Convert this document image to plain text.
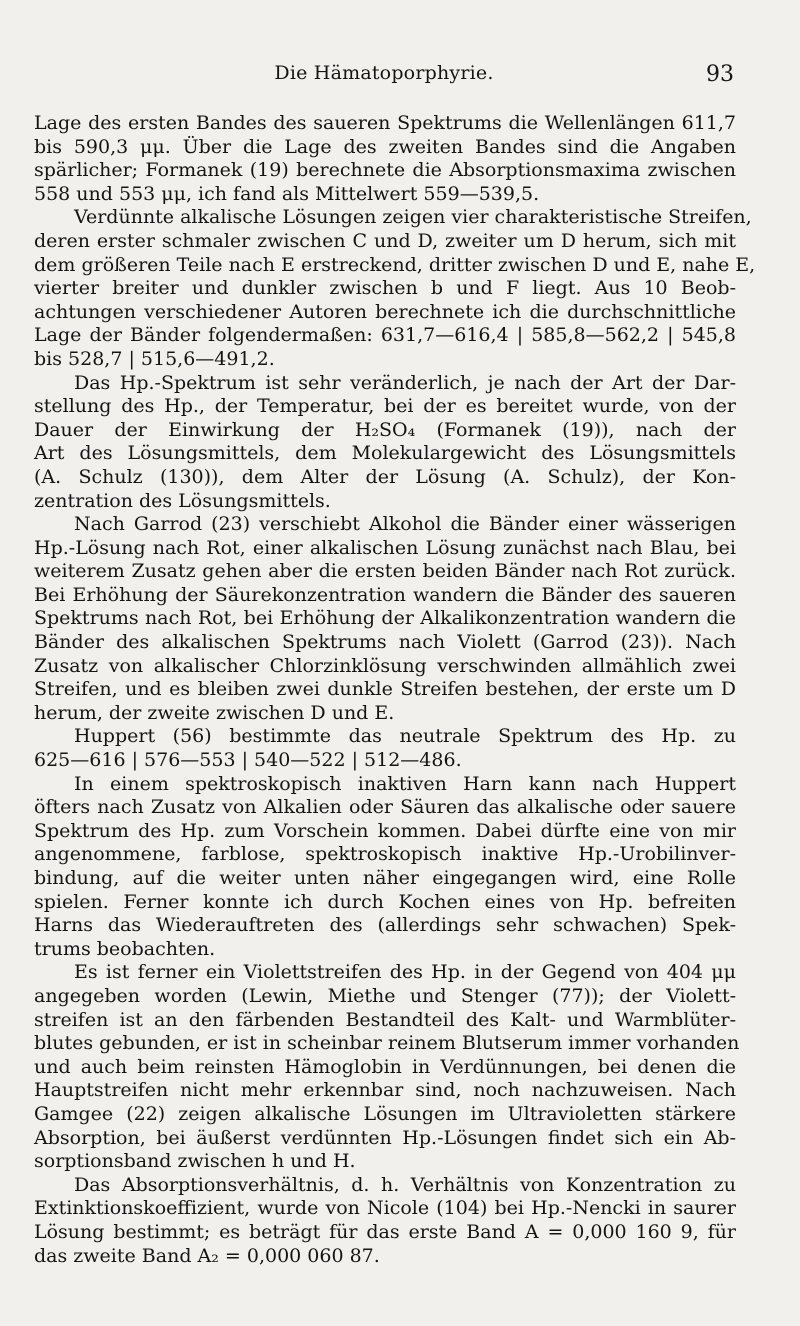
Die Hämatoporphyrie.	93

Lage des ersten Bandes des saueren Spektrums die Wellenlängen 611,7
bis 590,3 μμ. Über die Lage des zweiten Bandes sind die Angaben
spärlicher; Formanek (19) berechnete die Absorptionsmaxima zwischen
558 und 553 μμ, ich fand als Mittelwert 559—539,5.

Verdünnte alkalische Lösungen zeigen vier charakteristische Streifen,
deren erster schmaler zwischen C und D, zweiter um D herum, sich mit
dem größeren Teile nach E erstreckend, dritter zwischen D und E, nahe E,
vierter breiter und dunkler zwischen b und F liegt. Aus 10 Beob-
achtungen verschiedener Autoren berechnete ich die durchschnittliche
Lage der Bänder folgendermaßen: 631,7—616,4 | 585,8—562,2 | 545,8
bis 528,7 | 515,6—491,2.

Das Hp.-Spektrum ist sehr veränderlich, je nach der Art der Dar-
stellung des Hp., der Temperatur, bei der es bereitet wurde, von der
Dauer der Einwirkung der H₂SO₄ (Formanek (19)), nach der
Art des Lösungsmittels, dem Molekulargewicht des Lösungsmittels
(A. Schulz (130)), dem Alter der Lösung (A. Schulz), der Kon-
zentration des Lösungsmittels.

Nach Garrod (23) verschiebt Alkohol die Bänder einer wässerigen
Hp.-Lösung nach Rot, einer alkalischen Lösung zunächst nach Blau, bei
weiterem Zusatz gehen aber die ersten beiden Bänder nach Rot zurück.
Bei Erhöhung der Säurekonzentration wandern die Bänder des saueren
Spektrums nach Rot, bei Erhöhung der Alkalikonzentration wandern die
Bänder des alkalischen Spektrums nach Violett (Garrod (23)). Nach
Zusatz von alkalischer Chlorzinklösung verschwinden allmählich zwei
Streifen, und es bleiben zwei dunkle Streifen bestehen, der erste um D
herum, der zweite zwischen D und E.

Huppert (56) bestimmte das neutrale Spektrum des Hp. zu
625—616 | 576—553 | 540—522 | 512—486.

In einem spektroskopisch inaktiven Harn kann nach Huppert
öfters nach Zusatz von Alkalien oder Säuren das alkalische oder sauere
Spektrum des Hp. zum Vorschein kommen. Dabei dürfte eine von mir
angenommene, farblose, spektroskopisch inaktive Hp.-Urobilinver-
bindung, auf die weiter unten näher eingegangen wird, eine Rolle
spielen. Ferner konnte ich durch Kochen eines von Hp. befreiten
Harns das Wiederauftreten des (allerdings sehr schwachen) Spek-
trums beobachten.

Es ist ferner ein Violettstreifen des Hp. in der Gegend von 404 μμ
angegeben worden (Lewin, Miethe und Stenger (77)); der Violett-
streifen ist an den färbenden Bestandteil des Kalt- und Warmblüter-
blutes gebunden, er ist in scheinbar reinem Blutserum immer vorhanden
und auch beim reinsten Hämoglobin in Verdünnungen, bei denen die
Hauptstreifen nicht mehr erkennbar sind, noch nachzuweisen. Nach
Gamgee (22) zeigen alkalische Lösungen im Ultravioletten stärkere
Absorption, bei äußerst verdünnten Hp.-Lösungen findet sich ein Ab-
sorptionsband zwischen h und H.

Das Absorptionsverhältnis, d. h. Verhältnis von Konzentration zu
Extinktionskoeffizient, wurde von Nicole (104) bei Hp.-Nencki in saurer
Lösung bestimmt; es beträgt für das erste Band A = 0,000 160 9, für
das zweite Band A₂ = 0,000 060 87.
